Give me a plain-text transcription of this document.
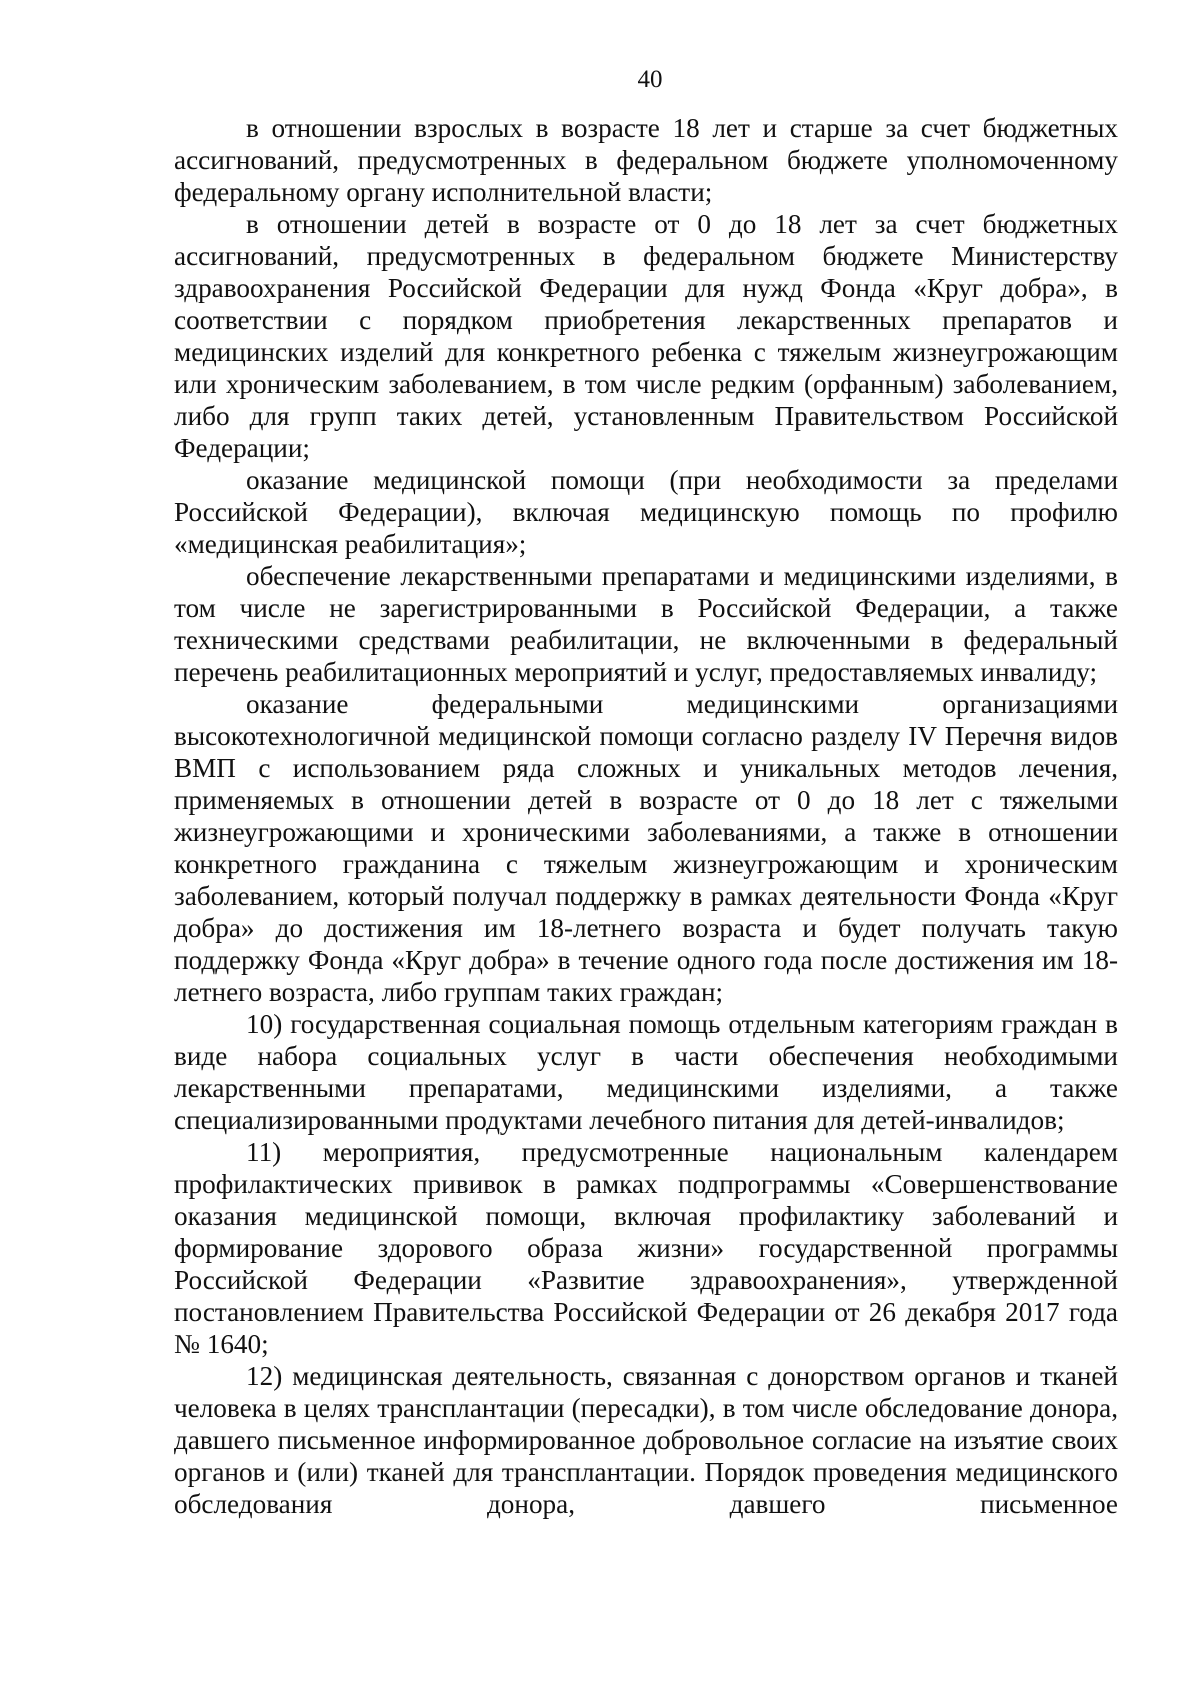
40

в отношении взрослых в возрасте 18 лет и старше за счет бюджетных ассигнований, предусмотренных в федеральном бюджете уполномоченному федеральному органу исполнительной власти;

в отношении детей в возрасте от 0 до 18 лет за счет бюджетных ассигнований, предусмотренных в федеральном бюджете Министерству здравоохранения Российской Федерации для нужд Фонда «Круг добра», в соответствии с порядком приобретения лекарственных препаратов и медицинских изделий для конкретного ребенка с тяжелым жизнеугрожающим или хроническим заболеванием, в том числе редким (орфанным) заболеванием, либо для групп таких детей, установленным Правительством Российской Федерации;

оказание медицинской помощи (при необходимости за пределами Российской Федерации), включая медицинскую помощь по профилю «медицинская реабилитация»;

обеспечение лекарственными препаратами и медицинскими изделиями, в том числе не зарегистрированными в Российской Федерации, а также техническими средствами реабилитации, не включенными в федеральный перечень реабилитационных мероприятий и услуг, предоставляемых инвалиду;

оказание федеральными медицинскими организациями высокотехнологичной медицинской помощи согласно разделу IV Перечня видов ВМП с использованием ряда сложных и уникальных методов лечения, применяемых в отношении детей в возрасте от 0 до 18 лет с тяжелыми жизнеугрожающими и хроническими заболеваниями, а также в отношении конкретного гражданина с тяжелым жизнеугрожающим и хроническим заболеванием, который получал поддержку в рамках деятельности Фонда «Круг добра» до достижения им 18-летнего возраста и будет получать такую поддержку Фонда «Круг добра» в течение одного года после достижения им 18-летнего возраста, либо группам таких граждан;

10) государственная социальная помощь отдельным категориям граждан в виде набора социальных услуг в части обеспечения необходимыми лекарственными препаратами, медицинскими изделиями, а также специализированными продуктами лечебного питания для детей-инвалидов;

11) мероприятия, предусмотренные национальным календарем профилактических прививок в рамках подпрограммы «Совершенствование оказания медицинской помощи, включая профилактику заболеваний и формирование здорового образа жизни» государственной программы Российской Федерации «Развитие здравоохранения», утвержденной постановлением Правительства Российской Федерации от 26 декабря 2017 года № 1640;

12) медицинская деятельность, связанная с донорством органов и тканей человека в целях трансплантации (пересадки), в том числе обследование донора, давшего письменное информированное добровольное согласие на изъятие своих органов и (или) тканей для трансплантации. Порядок проведения медицинского обследования донора, давшего письменное
